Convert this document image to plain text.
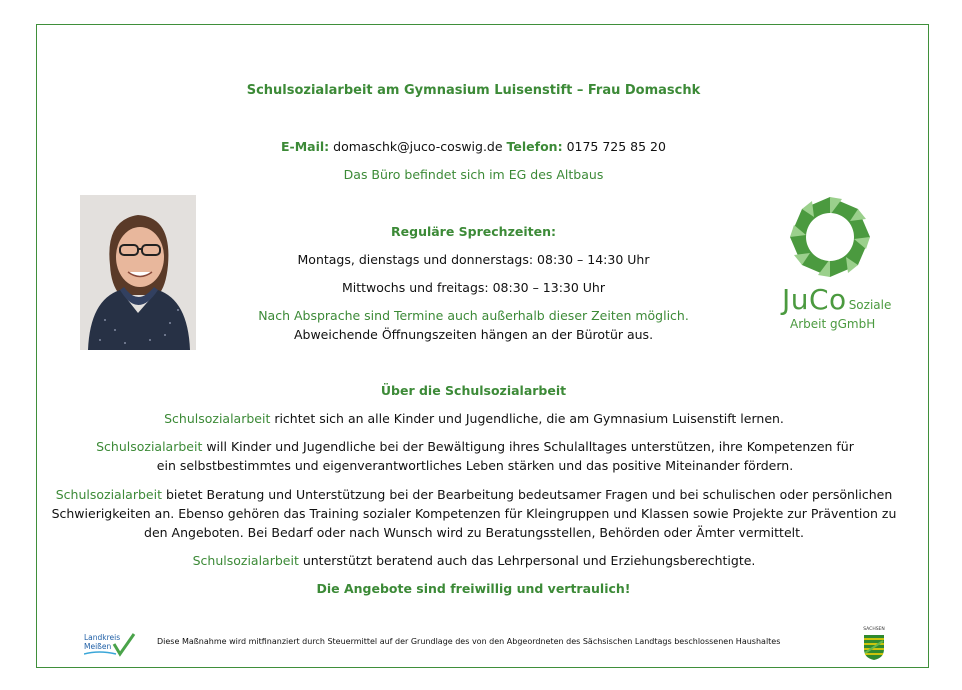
Schulsozialarbeit am Gymnasium Luisenstift – Frau Domaschk
E-Mail: domaschk@juco-coswig.de Telefon: 0175 725 85 20
Das Büro befindet sich im EG des Altbaus
Reguläre Sprechzeiten:
Montags, dienstags und donnerstags: 08:30 – 14:30 Uhr
Mittwochs und freitags: 08:30 – 13:30 Uhr
Nach Absprache sind Termine auch außerhalb dieser Zeiten möglich.
Abweichende Öffnungszeiten hängen an der Bürotür aus.
JuCo Soziale
Arbeit gGmbH
Über die Schulsozialarbeit
Schulsozialarbeit richtet sich an alle Kinder und Jugendliche, die am Gymnasium Luisenstift lernen.
Schulsozialarbeit will Kinder und Jugendliche bei der Bewältigung ihres Schulalltages unterstützen, ihre Kompetenzen für ein selbstbestimmtes und eigenverantwortliches Leben stärken und das positive Miteinander fördern.
Schulsozialarbeit bietet Beratung und Unterstützung bei der Bearbeitung bedeutsamer Fragen und bei schulischen oder persönlichen Schwierigkeiten an. Ebenso gehören das Training sozialer Kompetenzen für Kleingruppen und Klassen sowie Projekte zur Prävention zu den Angeboten. Bei Bedarf oder nach Wunsch wird zu Beratungsstellen, Behörden oder Ämter vermittelt.
Schulsozialarbeit unterstützt beratend auch das Lehrpersonal und Erziehungsberechtigte.
Die Angebote sind freiwillig und vertraulich!
Landkreis
Meißen
Diese Maßnahme wird mitfinanziert durch Steuermittel auf der Grundlage des von den Abgeordneten des Sächsischen Landtags beschlossenen Haushaltes
SACHSEN
